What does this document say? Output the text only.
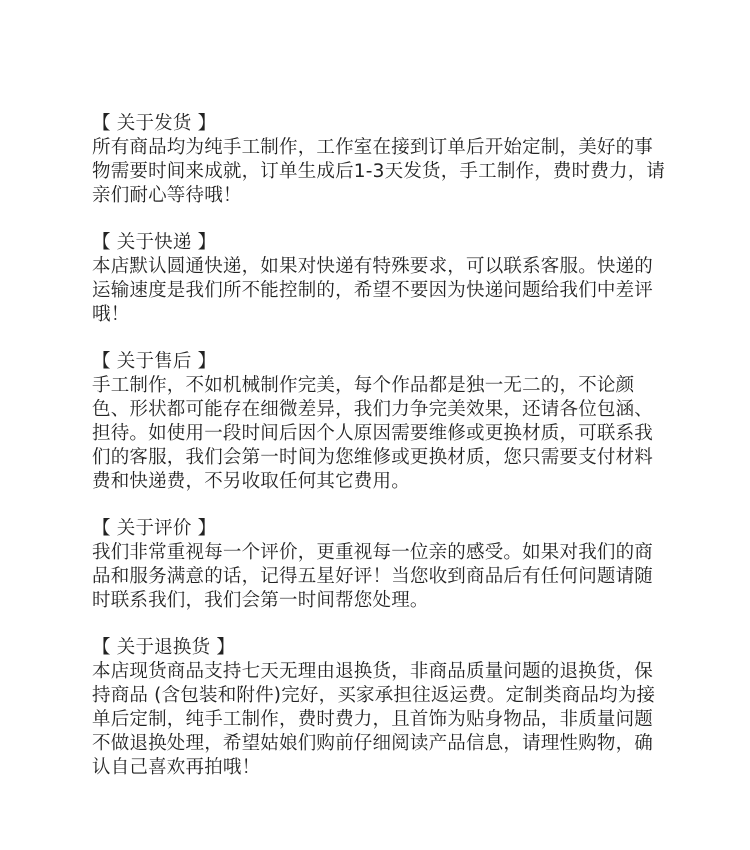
【 关于发货 】

所有商品均为纯手工制作，工作室在接到订单后开始定制，美好的事物需要时间来成就，订单生成后1-3天发货，手工制作，费时费力，请亲们耐心等待哦！

【 关于快递 】

本店默认圆通快递，如果对快递有特殊要求，可以联系客服。快递的运输速度是我们所不能控制的，希望不要因为快递问题给我们中差评哦！

【 关于售后 】

手工制作，不如机械制作完美，每个作品都是独一无二的，不论颜色、形状都可能存在细微差异，我们力争完美效果，还请各位包涵、担待。如使用一段时间后因个人原因需要维修或更换材质，可联系我们的客服，我们会第一时间为您维修或更换材质，您只需要支付材料费和快递费，不另收取任何其它费用。

【 关于评价 】

我们非常重视每一个评价，更重视每一位亲的感受。如果对我们的商品和服务满意的话，记得五星好评！当您收到商品后有任何问题请随时联系我们，我们会第一时间帮您处理。

【 关于退换货 】

本店现货商品支持七天无理由退换货，非商品质量问题的退换货，保持商品 (含包装和附件)完好，买家承担往返运费。定制类商品均为接单后定制，纯手工制作，费时费力，且首饰为贴身物品，非质量问题不做退换处理，希望姑娘们购前仔细阅读产品信息，请理性购物，确认自己喜欢再拍哦！
